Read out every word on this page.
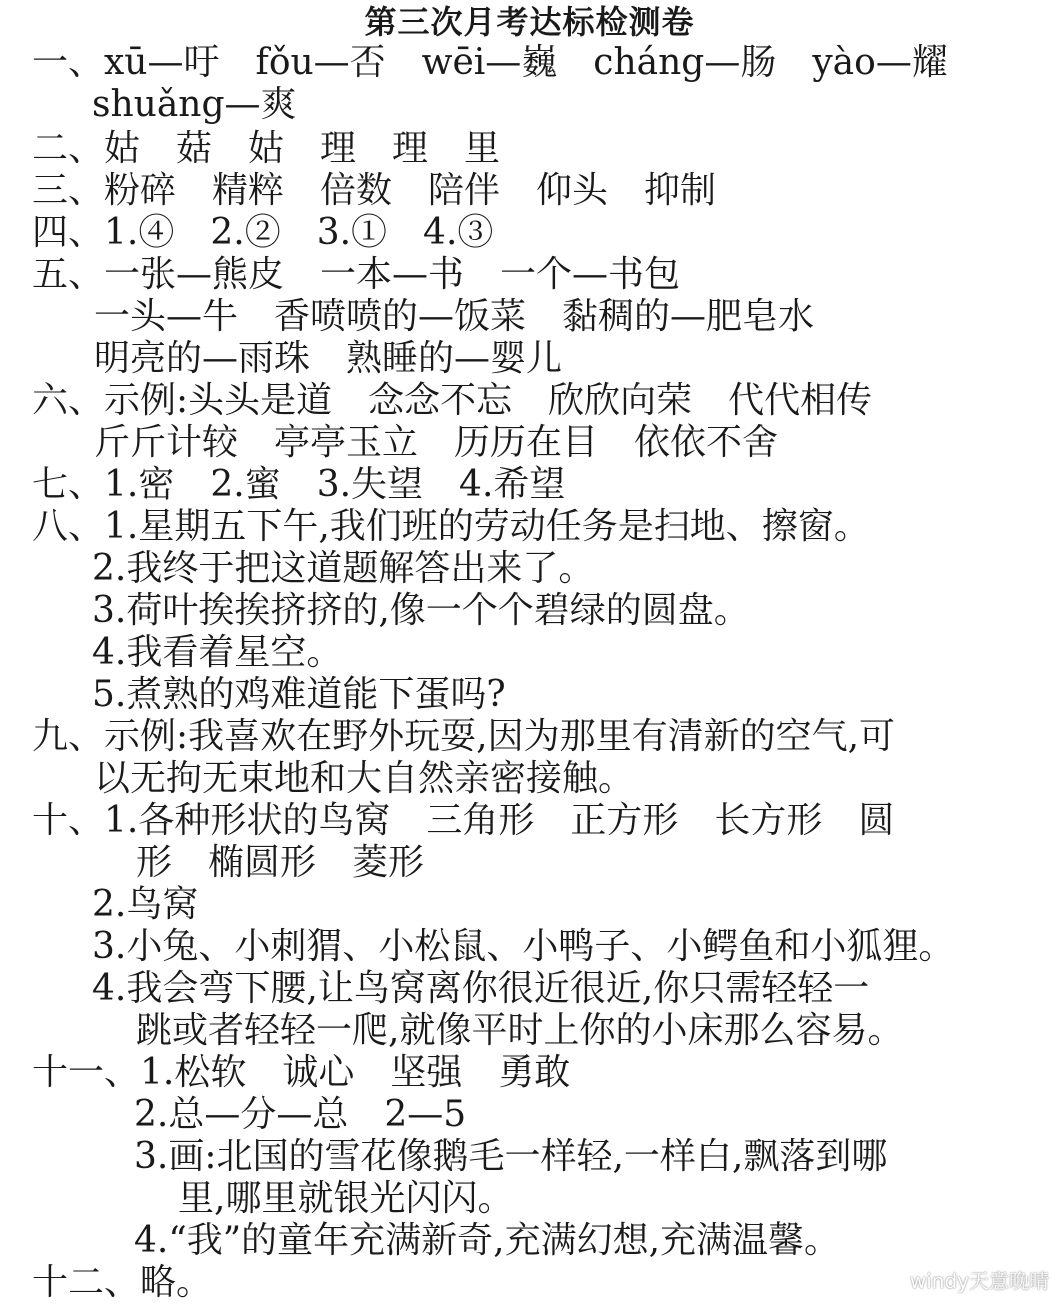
第三次月考达标检测卷
一、xū—吁　fǒu—否　wēi—巍　cháng—肠　yào—耀
shuǎng—爽
二、姑　菇　姑　理　理　里
三、粉碎　精粹　倍数　陪伴　仰头　抑制
四、1.④　2.②　3.①　4.③
五、一张—熊皮　一本—书　一个—书包
一头—牛　香喷喷的—饭菜　黏稠的—肥皂水
明亮的—雨珠　熟睡的—婴儿
六、示例:头头是道　念念不忘　欣欣向荣　代代相传
斤斤计较　亭亭玉立　历历在目　依依不舍
七、1.密　2.蜜　3.失望　4.希望
八、1.星期五下午,我们班的劳动任务是扫地、擦窗。
2.我终于把这道题解答出来了。
3.荷叶挨挨挤挤的,像一个个碧绿的圆盘。
4.我看着星空。
5.煮熟的鸡难道能下蛋吗?
九、示例:我喜欢在野外玩耍,因为那里有清新的空气,可
以无拘无束地和大自然亲密接触。
十、1.各种形状的鸟窝　三角形　正方形　长方形　圆
形　椭圆形　菱形
2.鸟窝
3.小兔、小刺猬、小松鼠、小鸭子、小鳄鱼和小狐狸。
4.我会弯下腰,让鸟窝离你很近很近,你只需轻轻一
跳或者轻轻一爬,就像平时上你的小床那么容易。
十一、1.松软　诚心　坚强　勇敢
2.总—分—总　2—5
3.画:北国的雪花像鹅毛一样轻,一样白,飘落到哪
里,哪里就银光闪闪。
4.“我”的童年充满新奇,充满幻想,充满温馨。
十二、略。	windy天意晚晴
